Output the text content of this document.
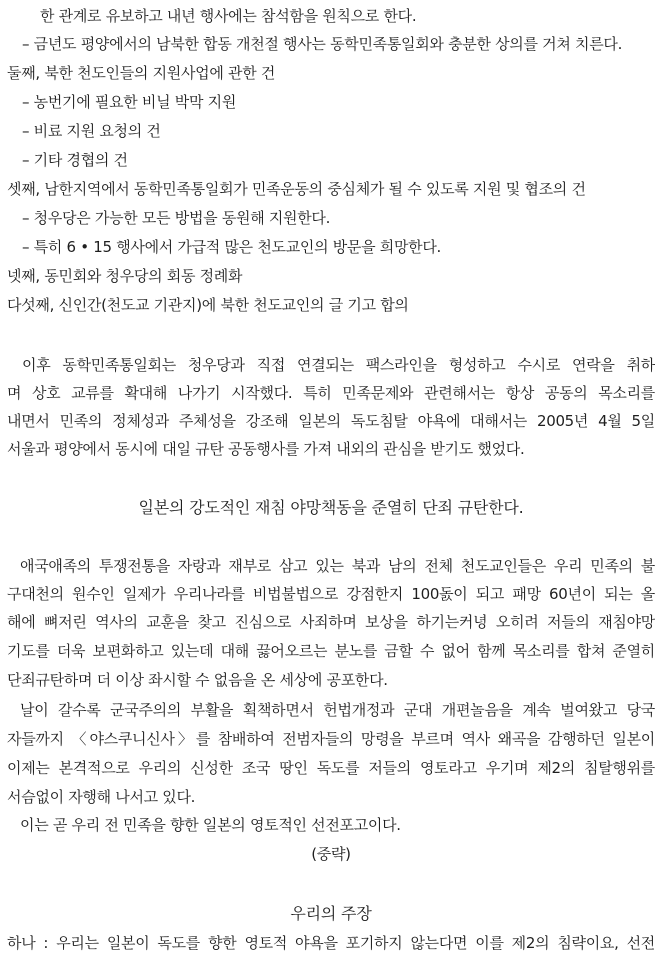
한 관계로 유보하고 내년 행사에는 참석함을 원칙으로 한다.
– 금년도 평양에서의 남북한 합동 개천절 행사는 동학민족통일회와 충분한 상의를 거쳐 치른다.
둘째, 북한 천도인들의 지원사업에 관한 건
– 농번기에 필요한 비닐 박막 지원
– 비료 지원 요청의 건
– 기타 경협의 건
셋째, 남한지역에서 동학민족통일회가 민족운동의 중심체가 될 수 있도록 지원 및 협조의 건
– 청우당은 가능한 모든 방법을 동원해 지원한다.
– 특히 6 • 15 행사에서 가급적 많은 천도교인의 방문을 희망한다.
넷째, 동민회와 청우당의 회동 정례화
다섯째, 신인간(천도교 기관지)에 북한 천도교인의 글 기고 합의
이후 동학민족통일회는 청우당과 직접 연결되는 팩스라인을 형성하고 수시로 연락을 취하
며 상호 교류를 확대해 나가기 시작했다. 특히 민족문제와 관련해서는 항상 공동의 목소리를
내면서 민족의 정체성과 주체성을 강조해 일본의 독도침탈 야욕에 대해서는 2005년 4월 5일
서울과 평양에서 동시에 대일 규탄 공동행사를 가져 내외의 관심을 받기도 했었다.
일본의 강도적인 재침 야망책동을 준열히 단죄 규탄한다.
애국애족의 투쟁전통을 자랑과 재부로 삼고 있는 북과 남의 전체 천도교인들은 우리 민족의 불
구대천의 원수인 일제가 우리나라를 비법불법으로 강점한지 100돐이 되고 패망 60년이 되는 올
해에 뼈저린 역사의 교훈을 찾고 진심으로 사죄하며 보상을 하기는커녕 오히려 저들의 재침야망
기도를 더욱 보편화하고 있는데 대해 끓어오르는 분노를 금할 수 없어 함께 목소리를 합쳐 준열히
단죄규탄하며 더 이상 좌시할 수 없음을 온 세상에 공포한다.
날이 갈수록 군국주의의 부활을 획책하면서 헌법개정과 군대 개편놀음을 계속 벌여왔고 당국
자들까지 〈야스쿠니신사〉를 참배하여 전범자들의 망령을 부르며 역사 왜곡을 감행하던 일본이
이제는 본격적으로 우리의 신성한 조국 땅인 독도를 저들의 영토라고 우기며 제2의 침탈행위를
서슴없이 자행해 나서고 있다.
이는 곧 우리 전 민족을 향한 일본의 영토적인 선전포고이다.
(중략)
우리의 주장
하나 : 우리는 일본이 독도를 향한 영토적 야욕을 포기하지 않는다면 이를 제2의 침략이요, 선전
